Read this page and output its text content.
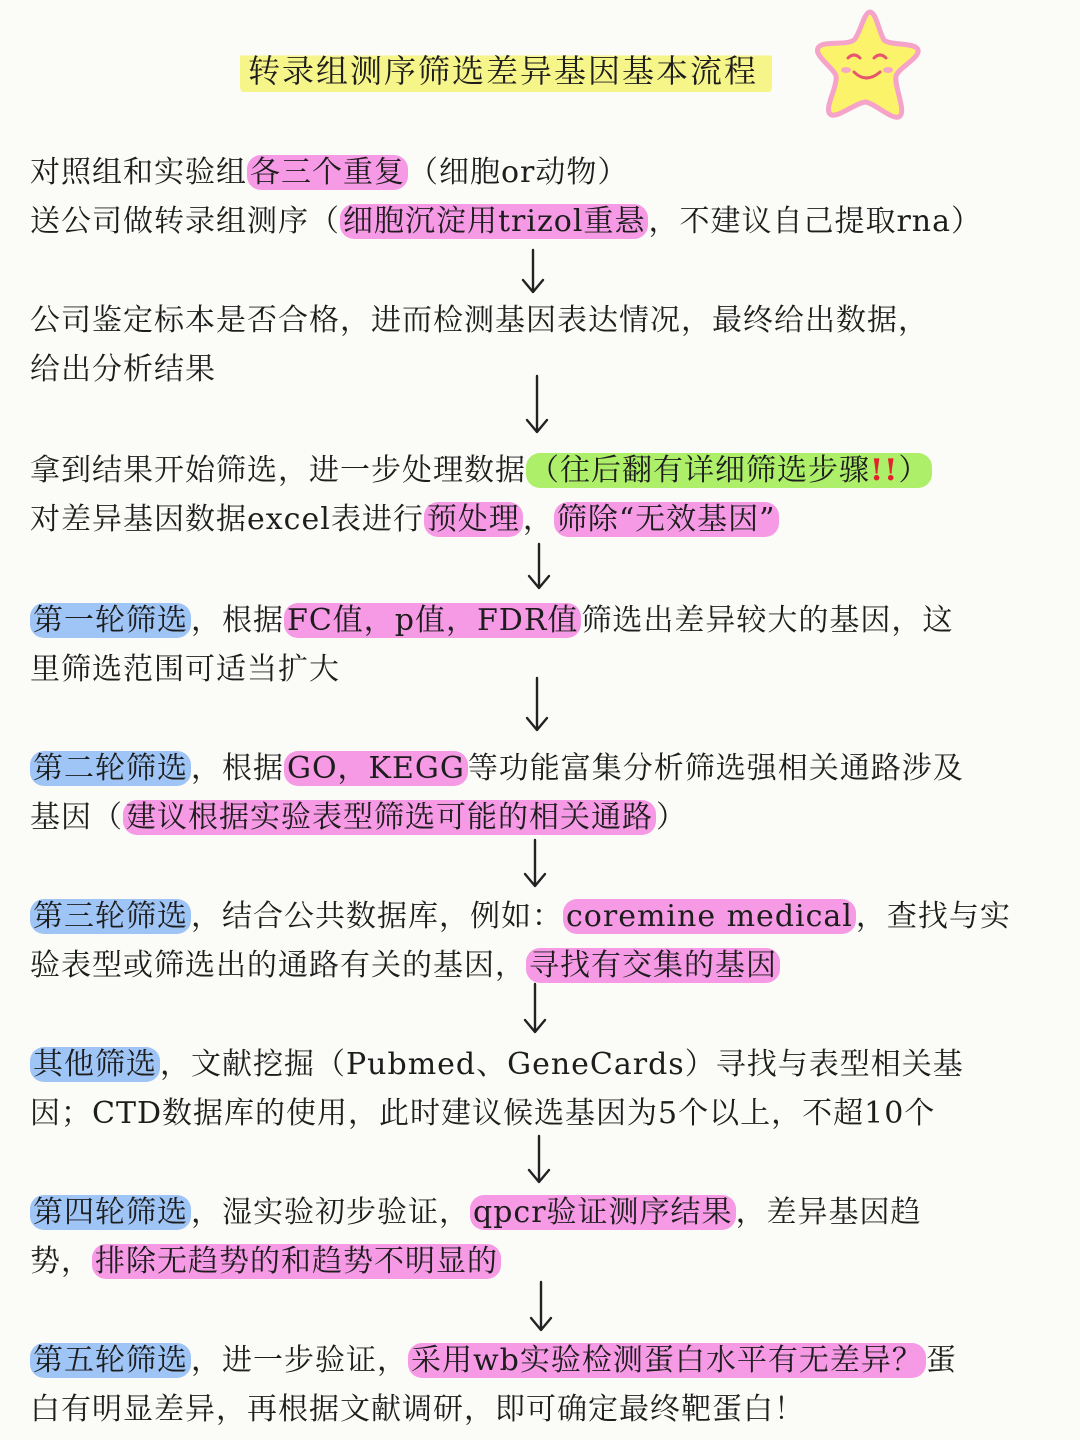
转录组测序筛选差异基因基本流程
对照组和实验组 各三个重复 （细胞or动物）
送公司做转录组测序（ 细胞沉淀用trizol重悬 ，不建议自己提取rna）
公司鉴定标本是否合格，进而检测基因表达情况，最终给出数据，
给出分析结果
拿到结果开始筛选，进一步处理数据 （往后翻有详细筛选步骤!!）
对差异基因数据excel表进行 预处理 ， 筛除“无效基因”
第一轮筛选 ，根据 FC值，p值，FDR值 筛选出差异较大的基因，这
里筛选范围可适当扩大
第二轮筛选 ，根据 GO，KEGG 等功能富集分析筛选强相关通路涉及
基因（ 建议根据实验表型筛选可能的相关通路 ）
第三轮筛选 ，结合公共数据库，例如： coremine medical ，查找与实
验表型或筛选出的通路有关的基因， 寻找有交集的基因
其他筛选 ，文献挖掘（Pubmed、GeneCards）寻找与表型相关基
因；CTD数据库的使用，此时建议候选基因为5个以上，不超10个
第四轮筛选 ，湿实验初步验证， qpcr验证测序结果 ，差异基因趋
势， 排除无趋势的和趋势不明显的
第五轮筛选 ，进一步验证， 采用wb实验检测蛋白水平有无差异？ 蛋
白有明显差异，再根据文献调研，即可确定最终靶蛋白！
